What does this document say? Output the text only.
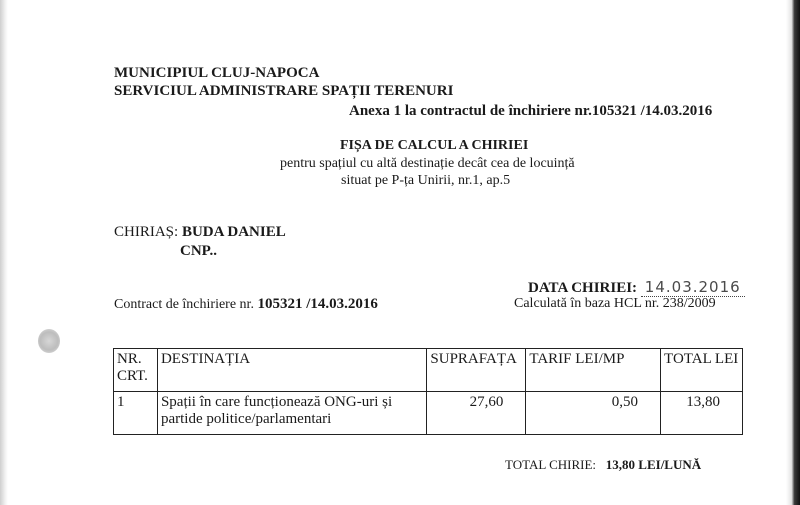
MUNICIPIUL CLUJ-NAPOCA
SERVICIUL ADMINISTRARE SPAȚII TERENURI
Anexa 1 la contractul de închiriere nr.105321 /14.03.2016
FIȘA DE CALCUL A CHIRIEI
pentru spațiul cu altă destinație decât cea de locuință
situat pe P-ța Unirii, nr.1, ap.5
CHIRIAȘ: BUDA DANIEL
CNP..
DATA CHIRIEI: 14.03.2016
Contract de închiriere nr. 105321 /14.03.2016	Calculată în baza HCL nr. 238/2009
NR. CRT.	DESTINAȚIA	SUPRAFAȚA	TARIF LEI/MP	TOTAL LEI
1	Spații în care funcționează ONG-uri și partide politice/parlamentari	27,60	0,50	13,80
TOTAL CHIRIE: 13,80 LEI/LUNĂ
